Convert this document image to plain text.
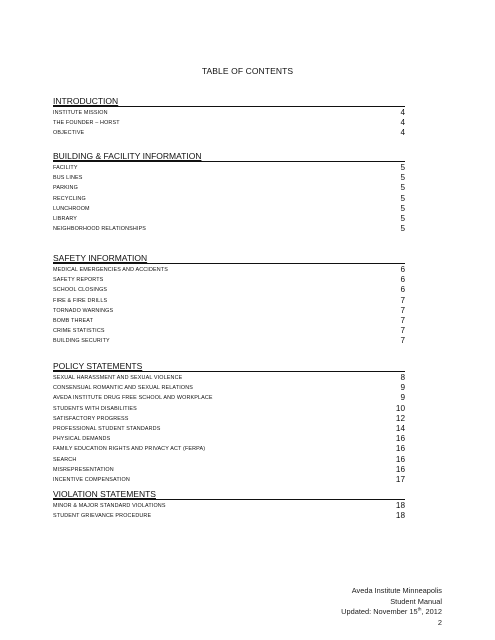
TABLE OF CONTENTS
INTRODUCTION
INSTITUTE MISSION	4
THE FOUNDER – HORST	4
OBJECTIVE	4
BUILDING & FACILITY INFORMATION
FACILITY	5
BUS LINES	5
PARKING	5
RECYCLING	5
LUNCHROOM	5
LIBRARY	5
NEIGHBORHOOD RELATIONSHIPS	5
SAFETY INFORMATION
MEDICAL EMERGENCIES AND ACCIDENTS	6
SAFETY REPORTS	6
SCHOOL CLOSINGS	6
FIRE & FIRE DRILLS	7
TORNADO WARNINGS	7
BOMB THREAT	7
CRIME STATISTICS	7
BUILDING SECURITY	7
POLICY STATEMENTS
SEXUAL HARASSMENT AND SEXUAL VIOLENCE	8
CONSENSUAL ROMANTIC AND SEXUAL RELATIONS	9
AVEDA INSTITUTE DRUG FREE SCHOOL AND WORKPLACE	9
STUDENTS WITH DISABILITIES	10
SATISFACTORY PROGRESS	12
PROFESSIONAL STUDENT STANDARDS	14
PHYSICAL DEMANDS	16
FAMILY EDUCATION RIGHTS AND PRIVACY ACT (FERPA)	16
SEARCH	16
MISREPRESENTATION	16
INCENTIVE COMPENSATION	17
VIOLATION STATEMENTS
MINOR & MAJOR STANDARD VIOLATIONS	18
STUDENT GRIEVANCE PROCEDURE	18
Aveda Institute Minneapolis
Student Manual
Updated: November 15th, 2012
2
